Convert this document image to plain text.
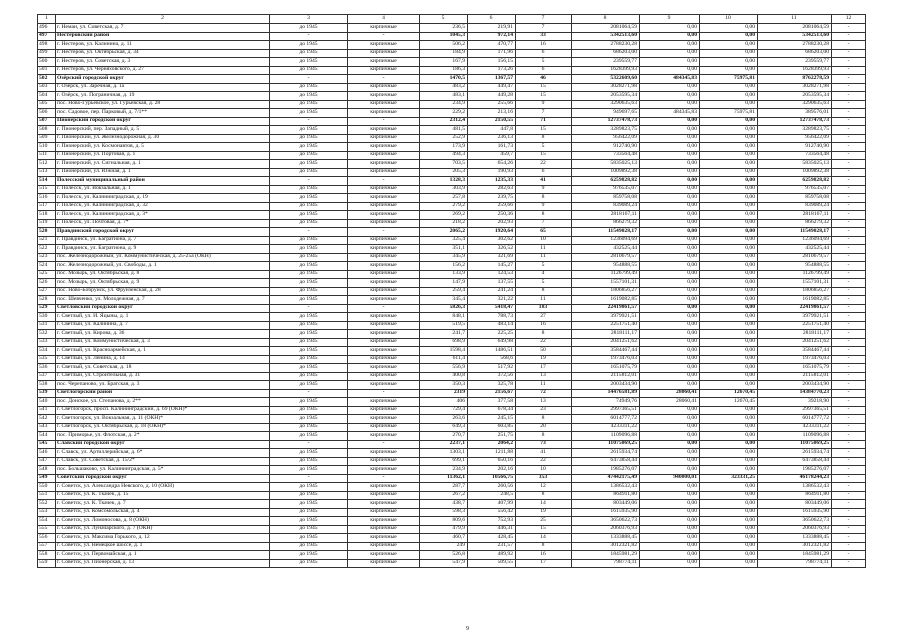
1	2	3	4	5	6	7	8	9	10	11	12
496	г. Неман, ул. Советская, д. 7	до 1945	кирпичные	236,5	219,91	7	2081064,59	0,00	0,00	2081064,59	-
497	Нестеровский район	-	-	1045,3	972,14	33	5342513,60	0,00	0,00	5342513,60	-
498	г. Нестеров, ул. Калинина, д. 11	до 1945	кирпичные	506,2	470,77	16	2788230,28	0,00	0,00	2788230,28	-
499	г. Нестеров, ул. Октябрьская, д. 34	до 1945	кирпичные	184,9	171,96	6	686203,00	0,00	0,00	686203,00	-
500	г. Нестеров, ул. Советская, д. 3	до 1945	кирпичные	167,9	156,15	5	239559,77	0,00	0,00	239559,77	-
501	г. Нестеров, ул. Черняховского, д. 27	до 1945	кирпичные	186,3	173,26	6	1628399,93	0,00	0,00	1628399,93	-
502	Озёрский городской округ	-	-	1470,5	1367,57	46	5322609,60	484345,83	75975,81	8762278,59	-
503	г. Озёрск, ул. Заречная, д. 1а	до 1945	кирпичные	483,2	449,47	15	3028271,98	0,00	0,00	3028271,98	-
504	г. Озёрск, ул. Пограничная, д. 19	до 1945	кирпичные	483,1	449,28	15	2053595,34	0,00	0,00	2053595,34	-
505	пос. Ново-Гурьевское, ул. Гурьевская, д. 28	до 1945	кирпичные	234,9	255,66	9	3290635,63	0,00	0,00	3290635,63	-
506	пос. Садовое, пер. Парковый, д. 7/1**	до 1945	кирпичные	229,2	213,16	7	949697,65	484345,83	75975,81	389576,01	-
507	Пионерский городской округ	-	-	2312,4	2150,55	71	12737478,73	0,00	0,00	12737478,73	-
508	г. Пионерский, пер. Западный, д. 5	до 1945	кирпичные	481,5	447,8	15	3289823,75	0,00	0,00	3289823,75	-
509	г. Пионерский, ул. Железнодорожная, д. 30	до 1945	кирпичные	252,9	236,13	8	956422,09	0,00	0,00	956422,09	-
510	г. Пионерский, ул. Космонавтов, д. 5	до 1945	кирпичные	173,9	161,73	5	912740,90	0,00	0,00	912740,90	-
511	г. Пионерский, ул. Портовая, д. 1	до 1945	кирпичные	494,3	459,7	15	733564,48	0,00	0,00	733564,48	-
512	г. Пионерский, ул. Сигнальная, д. 1	до 1945	кирпичные	703,5	654,26	22	5835025,13	0,00	0,00	5835025,13	-
513	г. Пионерский, ул. Южная, д. 1	до 1945	кирпичные	205,3	190,93	6	1009892,38	0,00	0,00	1009892,38	-
514	Полесский муниципальный район	-	-	1328,3	1235,33	41	6259828,82	0,00	0,00	6259828,82	-
515	г. Полесск, ул. Вокзальная, д. 1	до 1945	кирпичные	303,9	282,63	9	976535,07	0,00	0,00	976535,07	-
516	г. Полесск, ул. Калининградская, д. 19	до 1945	кирпичные	257,8	239,75	8	859758,08	0,00	0,00	859758,08	-
517	г. Полесск, ул. Калининградская, д. 32	до 1945	кирпичные	279,2	259,66	9	839089,24	0,00	0,00	839089,24	-
518	г. Полесск, ул. Калининградская, д. 3*	до 1945	кирпичные	269,2	250,36	8	2818167,11	0,00	0,00	2818167,11	-
519	г. Полесск, ул. Почтовая, д. 7*	до 1945	кирпичные	218,2	202,93	7	866279,32	0,00	0,00	866279,32	-
520	Правдинский городской округ	-	-	2065,2	1920,64	65	11549028,17	0,00	0,00	11549028,17	-
521	г. Правдинск, ул. Багратиона, д. 7	до 1945	кирпичные	325,4	302,62	10	1236094,69	0,00	0,00	1236094,69	-
522	г. Правдинск, ул. Багратиона, д. 9	до 1945	кирпичные	351,1	326,52	11	432525,44	0,00	0,00	432525,44	-
523	пос. Железнодорожный, ул. Коммунистическая, д. 25-25а (ОКН)	до 1945	кирпичные	345,9	321,69	11	2810679,57	0,00	0,00	2810679,57	-
524	пос. Железнодорожный, ул. Свободы, д. 1	до 1945	кирпичные	156,2	145,27	5	954888,55	0,00	0,00	954888,55	-
525	пос. Мозырь, ул. Октябрьская, д. 8	до 1945	кирпичные	133,9	124,53	4	1126799,49	0,00	0,00	1126799,49	-
526	пос. Мозырь, ул. Октябрьская, д. 9	до 1945	кирпичные	147,9	137,55	5	1557101,31	0,00	0,00	1557101,31	-
527	пос. Ново-Бобруйск, ул. Фрунзенская, д. 28	до 1945	кирпичные	259,4	241,24	8	1806856,27	0,00	0,00	1806856,27	-
528	пос. Шевченко, ул. Молодежная, д. 7	до 1945	кирпичные	345,4	321,22	11	1619082,85	0,00	0,00	1619082,85	-
529	Светловский городской округ	-	-	5826,3	5418,47	183	22419861,57	0,00	0,00	22419861,57	-
530	г. Светлый, ул. И. Яцыны, д. 1	до 1945	кирпичные	848,1	788,73	27	3979921,51	0,00	0,00	3979921,51	-
531	г. Светлый, ул. Калинина, д. 7	до 1945	кирпичные	519,5	483,14	16	2251751,40	0,00	0,00	2251751,40	-
532	г. Светлый, ул. Кирова, д. 36	до 1945	кирпичные	241,7	225,25	8	2818111,17	0,00	0,00	2818111,17	-
533	г. Светлый, ул. Коммунистическая, д. 3	до 1945	кирпичные	698,9	649,98	22	2041251,62	0,00	0,00	2041251,62	-
534	г. Светлый, ул. Красноармейская, д. 1	до 1945	кирпичные	1598,4	1486,51	50	3584467,44	0,00	0,00	3584467,44	-
535	г. Светлый, ул. Ленина, д. 14	до 1945	кирпичные	611,4	568,6	19	1973476,03	0,00	0,00	1973476,03	-
536	г. Светлый, ул. Советская, д. 18	до 1945	кирпичные	556,9	517,92	17	1651075,79	0,00	0,00	1651075,79	-
537	г. Светлый, ул. Строительная, д. 31	до 1945	кирпичные	400,8	372,56	13	2115812,01	0,00	0,00	2115812,01	-
538	пос. Черепаново, ул. Братская, д. 3	до 1945	кирпичные	350,3	325,78	11	2003434,90	0,00	0,00	2003434,90	-
539	Светлогорский район	-	-	2319	2156,67	72	14476581,89	28060,41	12670,45	14384770,23	-
540	пос. Донское, ул. Степанова, д. 2**	до 1945	кирпичные	406	377,58	13	74949,76	28060,41	12670,45	39218,90	-
541	г. Светлогорск, просп. Калининградский, д. 69 (ОКН)*	до 1945	кирпичные	729,4	678,34	23	2997365,51	0,00	0,00	2997365,51	-
542	г. Светлогорск, ул. Вокзальная, д. 11 (ОКН)*	до 1945	кирпичные	263,6	245,15	8	6014777,72	0,00	0,00	6014777,72	-
543	г. Светлогорск, ул. Октябрьская, д. 18 (ОКН)*	до 1945	кирпичные	649,3	603,85	20	4233311,22	0,00	0,00	4233311,22	-
544	пос. Приморье, ул. Флотская, д. 2*	до 1945	кирпичные	270,7	251,75	8	1109096,88	0,00	0,00	1109096,88	-
545	Славский городской округ	-	-	2237,1	2064,2	73	11075069,25	0,00	0,00	11075069,25	-
546	г. Славск, ул. Артиллерийская, д. 6*	до 1945	кирпичные	1303,1	1211,88	41	2615934,74	0,00	0,00	2615934,74	-
547	г. Славск, ул. Советская, д. 15/2*	до 1945	кирпичные	699,1	650,16	22	6473858,44	0,00	0,00	6473858,44	-
548	пос. Большаково, ул. Калининградская, д. 5*	до 1945	кирпичные	234,9	202,16	10	1985276,07	0,00	0,00	1985276,07	-
549	Советский городской округ	-	-	11362,1	10566,75	353	47442175,49	940000,01	323331,25	46178244,23	-
550	г. Советск, ул. Александра Невского, д. 10 (ОКН)	до 1945	кирпичные	287,7	260,56	12	1386532,43	0,00	0,00	1386532,43	-
551	г. Советск, ул. К. Ткачек, д. 15	до 1945	кирпичные	267,2	248,5	8	864911,80	0,00	0,00	864911,80	-
552	г. Советск, ул. К. Ткачек, д. 7	до 1945	кирпичные	438,7	407,99	14	803449,06	0,00	0,00	803449,06	-
553	г. Советск, ул. Комсомольская, д. 4	до 1945	кирпичные	598,3	556,42	19	1615935,90	0,00	0,00	1615935,90	-
554	г. Советск, ул. Ломоносова, д. 8 (ОКН)	до 1945	кирпичные	809,6	752,93	25	3650622,73	0,00	0,00	3650622,73	-
555	г. Советск, ул. Луначарского, д. 7 (ОКН)	до 1945	кирпичные	479,9	446,31	15	2060376,93	0,00	0,00	2060376,93	-
556	г. Советск, ул. Максима Горького, д. 12	до 1945	кирпичные	460,7	428,45	14	1333888,45	0,00	0,00	1333888,45	-
557	г. Советск, ул. Немецкое шоссе, д. 1	до 1945	кирпичные	249	231,57	8	3012321,82	0,00	0,00	3012321,82	-
558	г. Советск, ул. Первомайская, д. 1	до 1945	кирпичные	526,8	489,92	16	1845981,29	0,00	0,00	1845981,29	-
559	г. Советск, ул. Пионерская, д. 13	до 1945	кирпичные	547,9	509,55	17	798774,11	0,00	0,00	798774,11	-
9
